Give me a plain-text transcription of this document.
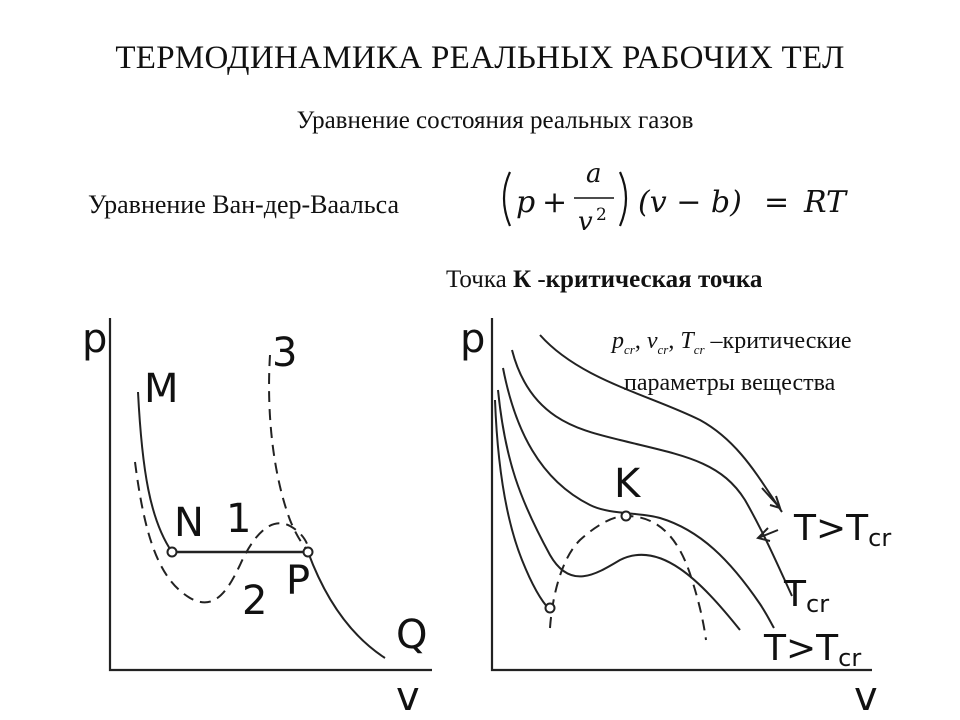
ТЕРМОДИНАМИКА РЕАЛЬНЫХ РАБОЧИХ ТЕЛ
Уравнение состояния реальных газов
Уравнение Ван-дер-Ваальса	p +
a
v 2 (v − b) = RT
Точка К -критическая точка
$p_{cr}$, $v_{cr}$, $T_{cr}$ –критические
параметры вещества
p
v
M
N 1
2
3
P
Q
p
v
K
T>Tcr
Tcr
T>Tcr
